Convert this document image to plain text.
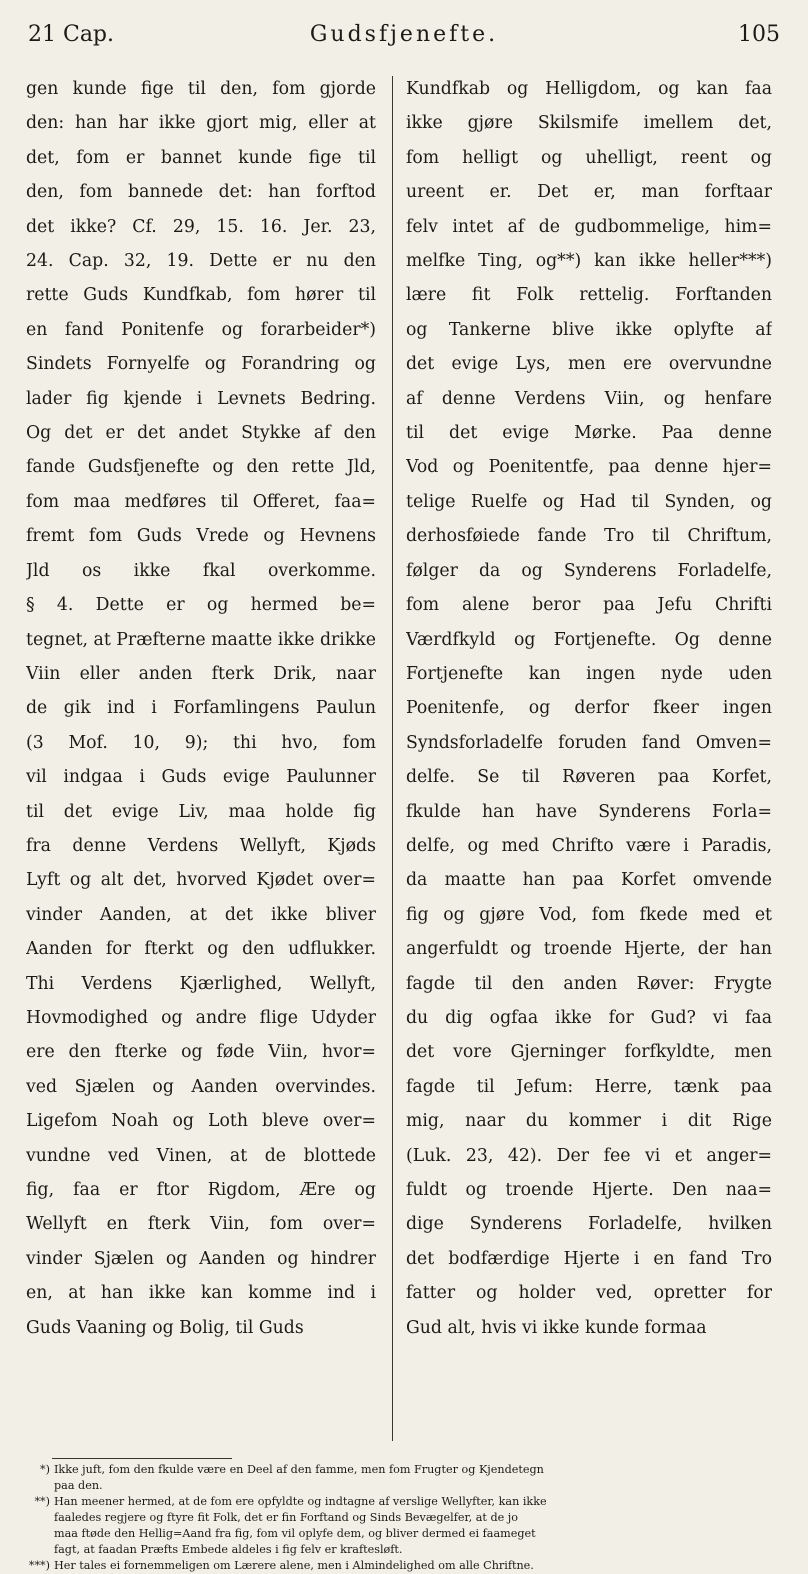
21 Cap.	Gudsfjenefte.	105
gen kunde fige til den, fom gjorde
den: han har ikke gjort mig, eller at
det, fom er bannet kunde fige til
den, fom bannede det: han forftod
det ikke? Cf. 29, 15. 16. Jer. 23,
24. Cap. 32, 19. Dette er nu den
rette Guds Kundfkab, fom hører til
en fand Ponitenfe og forarbeider*)
Sindets Fornyelfe og Forandring og
lader fig kjende i Levnets Bedring.
Og det er det andet Stykke af den
fande Gudsfjenefte og den rette Jld,
fom maa medføres til Offeret, faa=
fremt fom Guds Vrede og Hevnens
Jld os ikke fkal overkomme.
§ 4. Dette er og hermed be=
tegnet, at Præfterne maatte ikke drikke
Viin eller anden fterk Drik, naar
de gik ind i Forfamlingens Paulun
(3 Mof. 10, 9); thi hvo, fom
vil indgaa i Guds evige Paulunner
til det evige Liv, maa holde fig
fra denne Verdens Wellyft, Kjøds
Lyft og alt det, hvorved Kjødet over=
vinder Aanden, at det ikke bliver
Aanden for fterkt og den udflukker.
Thi Verdens Kjærlighed, Wellyft,
Hovmodighed og andre flige Udyder
ere den fterke og føde Viin, hvor=
ved Sjælen og Aanden overvindes.
Ligefom Noah og Loth bleve over=
vundne ved Vinen, at de blottede
fig, faa er ftor Rigdom, Ære og
Wellyft en fterk Viin, fom over=
vinder Sjælen og Aanden og hindrer
en, at han ikke kan komme ind i
Guds Vaaning og Bolig, til Guds
Kundfkab og Helligdom, og kan faa
ikke gjøre Skilsmife imellem det,
fom helligt og uhelligt, reent og
ureent er. Det er, man forftaar
felv intet af de gudbommelige, him=
melfke Ting, og**) kan ikke heller***)
lære fit Folk rettelig. Forftanden
og Tankerne blive ikke oplyfte af
det evige Lys, men ere overvundne
af denne Verdens Viin, og henfare
til det evige Mørke. Paa denne
Vod og Poenitentfe, paa denne hjer=
telige Ruelfe og Had til Synden, og
derhosføiede fande Tro til Chriftum,
følger da og Synderens Forladelfe,
fom alene beror paa Jefu Chrifti
Værdfkyld og Fortjenefte. Og denne
Fortjenefte kan ingen nyde uden
Poenitenfe, og derfor fkeer ingen
Syndsforladelfe foruden fand Omven=
delfe. Se til Røveren paa Korfet,
fkulde han have Synderens Forla=
delfe, og med Chrifto være i Paradis,
da maatte han paa Korfet omvende
fig og gjøre Vod, fom fkede med et
angerfuldt og troende Hjerte, der han
fagde til den anden Røver: Frygte
du dig ogfaa ikke for Gud? vi faa
det vore Gjerninger forfkyldte, men
fagde til Jefum: Herre, tænk paa
mig, naar du kommer i dit Rige
(Luk. 23, 42). Der fee vi et anger=
fuldt og troende Hjerte. Den naa=
dige Synderens Forladelfe, hvilken
det bodfærdige Hjerte i en fand Tro
fatter og holder ved, opretter for
Gud alt, hvis vi ikke kunde formaa
*) Ikke juft, fom den fkulde være en Deel af den famme, men fom Frugter og Kjendetegn
paa den.
**) Han meener hermed, at de fom ere opfyldte og indtagne af verslige Wellyfter, kan ikke
faaledes regjere og ftyre fit Folk, det er fin Forftand og Sinds Bevægelfer, at de jo
maa ftøde den Hellig=Aand fra fig, fom vil oplyfe dem, og bliver dermed ei faameget
fagt, at faadan Præfts Embede aldeles i fig felv er kraftesløft.
***) Her tales ei fornemmeligen om Lærere alene, men i Almindelighed om alle Chriftne.
